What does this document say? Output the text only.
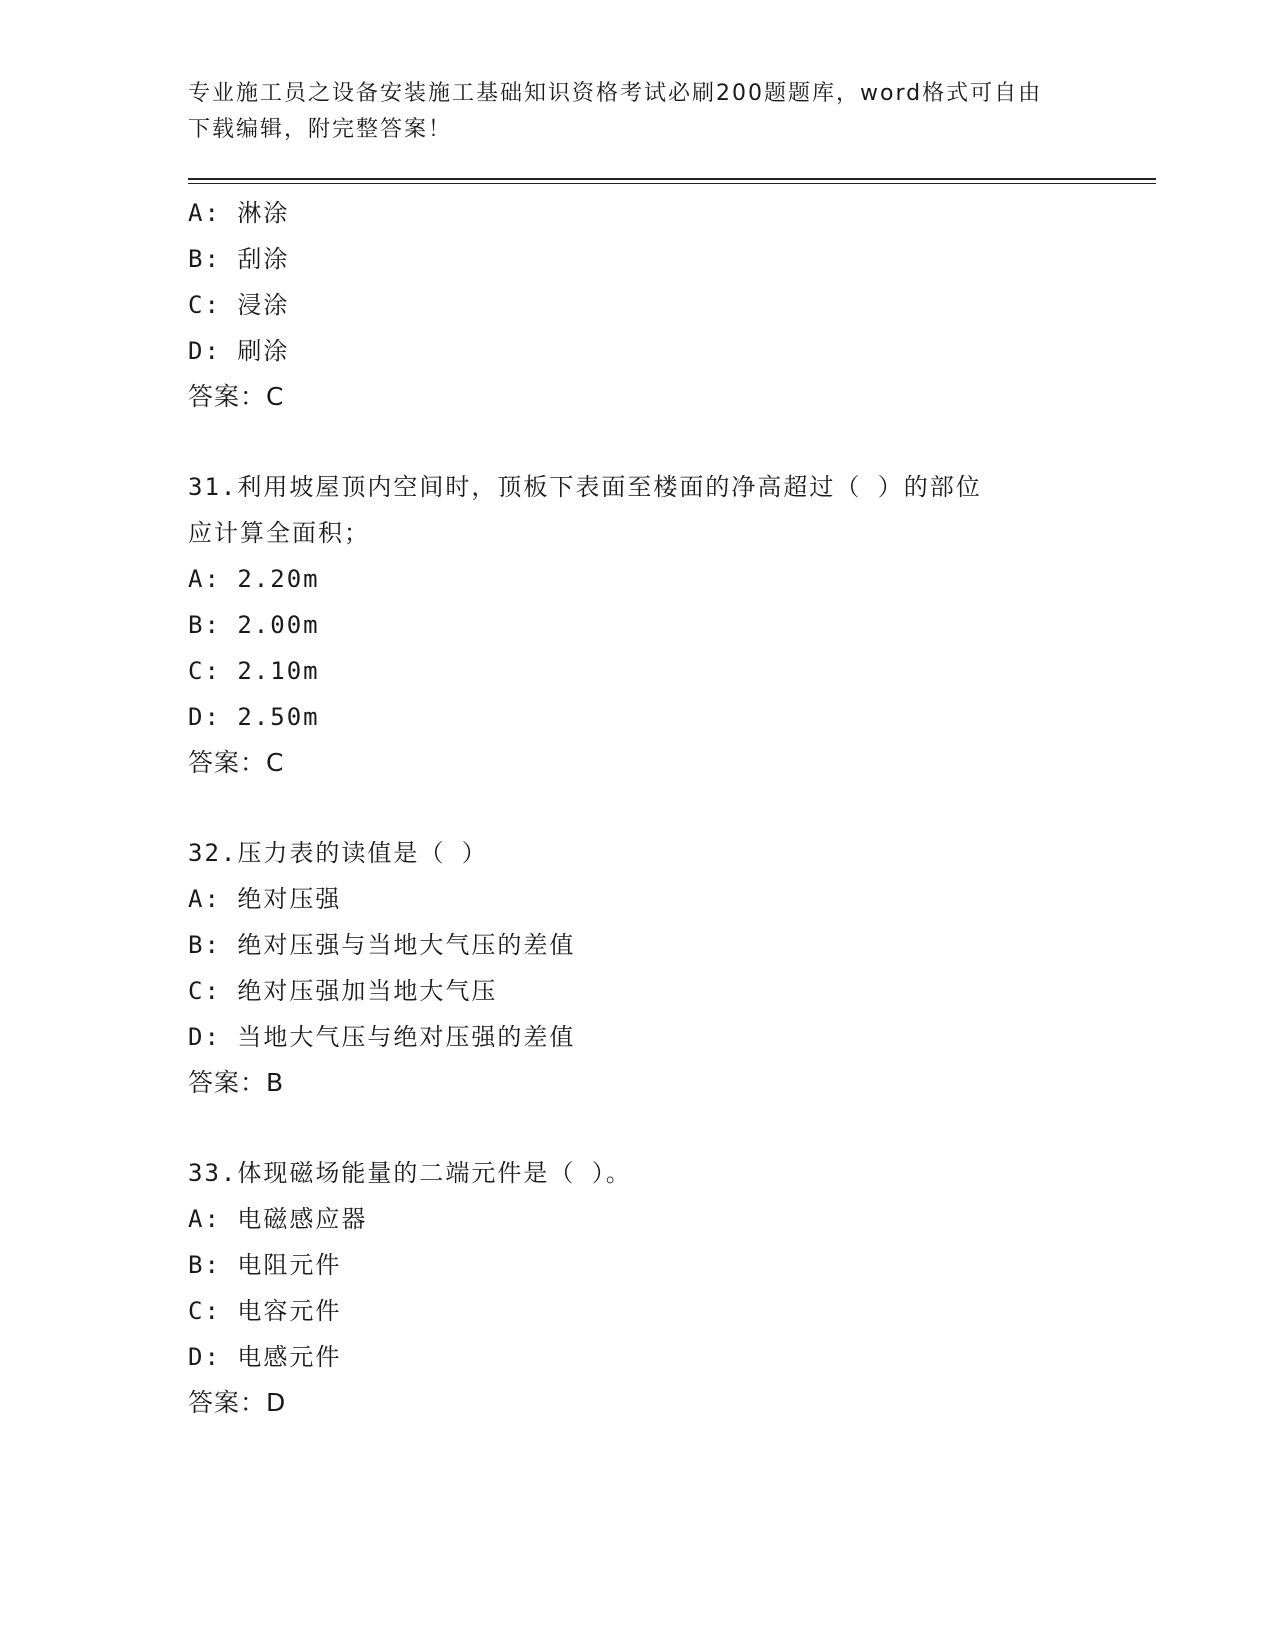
专业施工员之设备安装施工基础知识资格考试必刷200题题库，word格式可自由
下载编辑，附完整答案！
A: 淋涂
B: 刮涂
C: 浸涂
D: 刷涂
答案：C
31.利用坡屋顶内空间时，顶板下表面至楼面的净高超过（ ）的部位
应计算全面积；
A: 2.20m
B: 2.00m
C: 2.10m
D: 2.50m
答案：C
32.压力表的读值是（ ）
A: 绝对压强
B: 绝对压强与当地大气压的差值
C: 绝对压强加当地大气压
D: 当地大气压与绝对压强的差值
答案：B
33.体现磁场能量的二端元件是（ ）。
A: 电磁感应器
B: 电阻元件
C: 电容元件
D: 电感元件
答案：D
